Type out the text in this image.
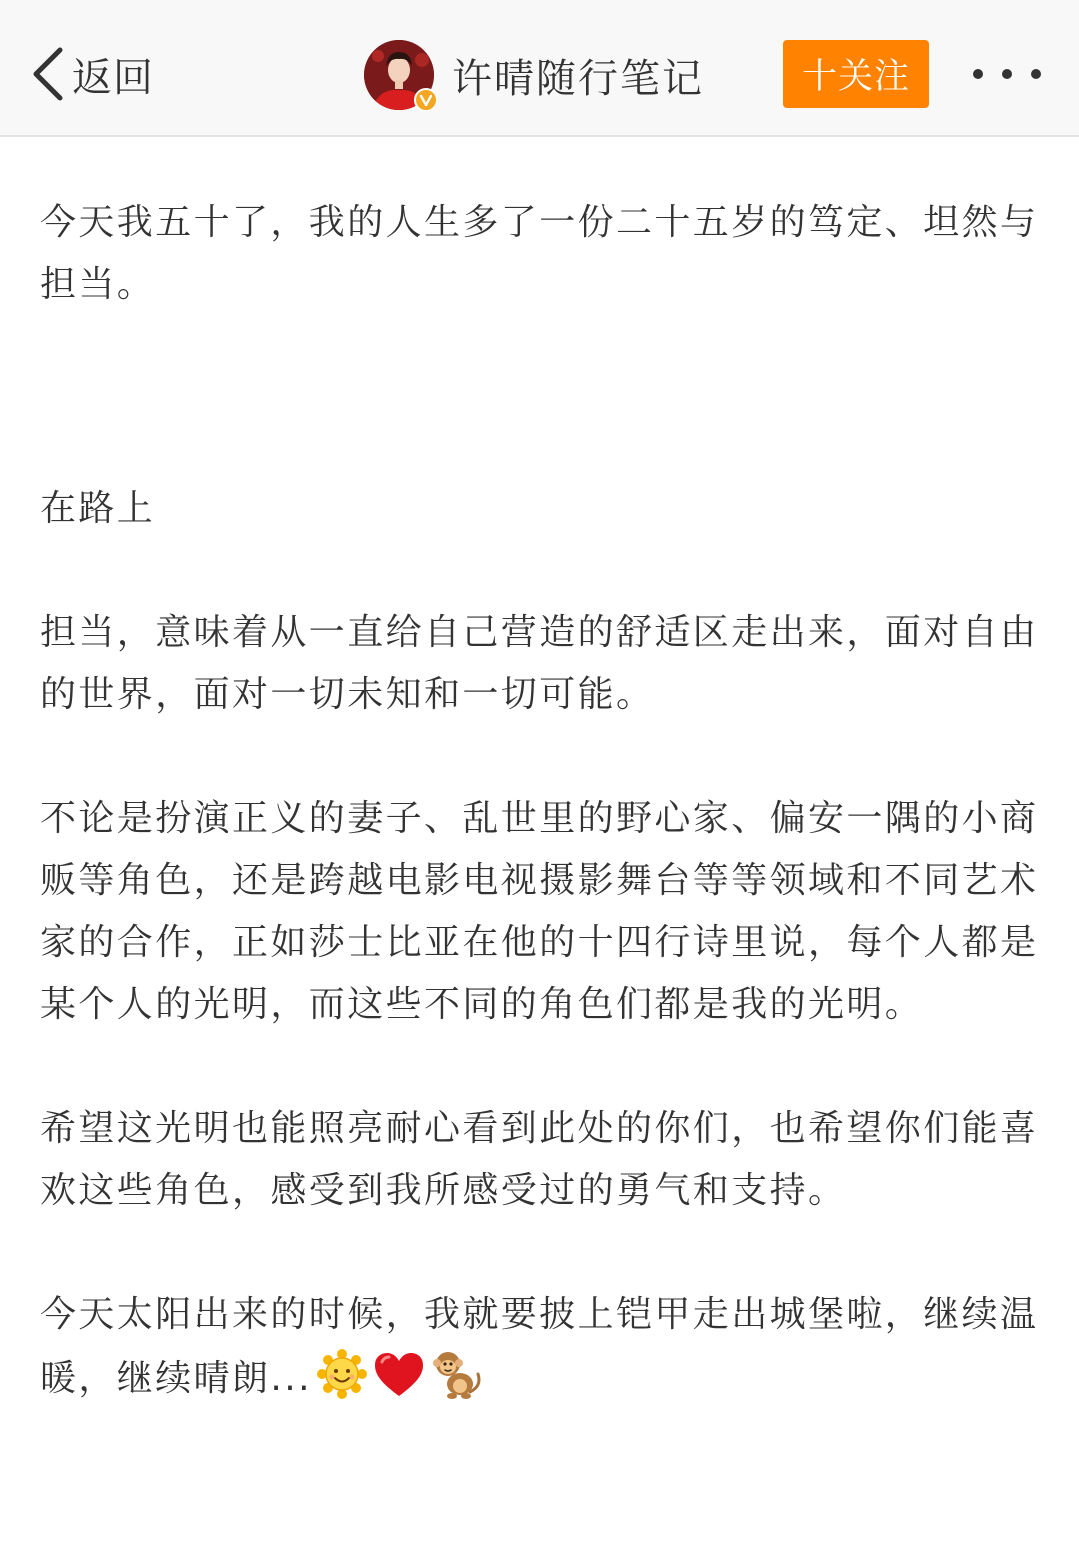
返回	许晴随行笔记	十关注

今天我五十了，我的人生多了一份二十五岁的笃定、坦然与担当。

在路上

担当，意味着从一直给自己营造的舒适区走出来，面对自由的世界，面对一切未知和一切可能。

不论是扮演正义的妻子、乱世里的野心家、偏安一隅的小商贩等角色，还是跨越电影电视摄影舞台等等领域和不同艺术家的合作，正如莎士比亚在他的十四行诗里说，每个人都是某个人的光明，而这些不同的角色们都是我的光明。

希望这光明也能照亮耐心看到此处的你们，也希望你们能喜欢这些角色，感受到我所感受过的勇气和支持。

今天太阳出来的时候，我就要披上铠甲走出城堡啦，继续温暖，继续晴朗...
